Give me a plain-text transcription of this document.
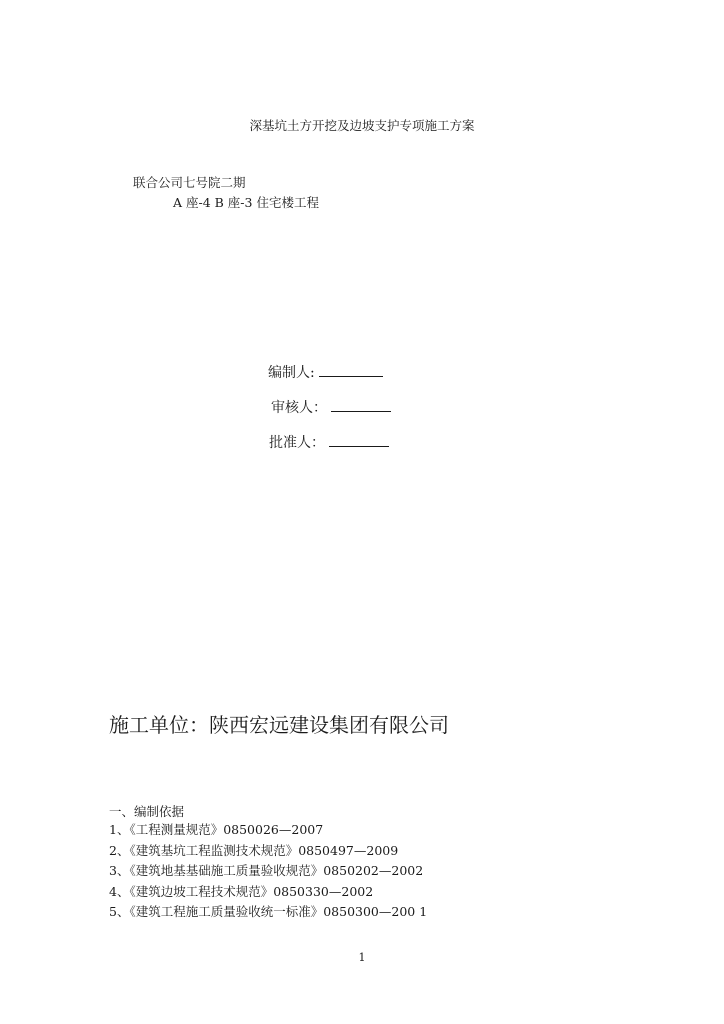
深基坑土方开挖及边坡支护专项施工方案
联合公司七号院二期
A 座-4 B 座-3 住宅楼工程
编制人:
审核人：
批准人：
施工单位：陕西宏远建设集团有限公司
一、编制依据
1、《工程测量规范》0850026—2007
2、《建筑基坑工程监测技术规范》0850497—2009
3、《建筑地基基础施工质量验收规范》0850202—2002
4、《建筑边坡工程技术规范》0850330—2002
5、《建筑工程施工质量验收统一标准》0850300—200 1
1
